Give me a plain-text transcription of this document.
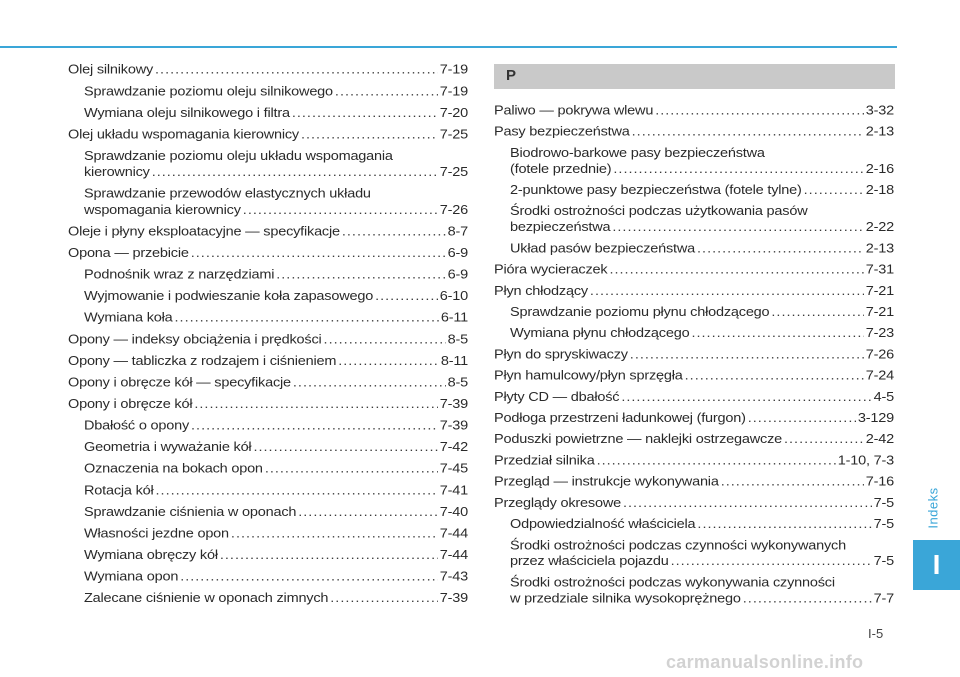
Olej silnikowy .....	7-19
Sprawdzanie poziomu oleju silnikowego .....	7-19
Wymiana oleju silnikowego i filtra .....	7-20
Olej układu wspomagania kierownicy .....	7-25
Sprawdzanie poziomu oleju układu wspomagania
kierownicy .....	7-25
Sprawdzanie przewodów elastycznych układu
wspomagania kierownicy .....	7-26
Oleje i płyny eksploatacyjne — specyfikacje .....	8-7
Opona — przebicie .....	6-9
Podnośnik wraz z narzędziami .....	6-9
Wyjmowanie i podwieszanie koła zapasowego .....	6-10
Wymiana koła .....	6-11
Opony — indeksy obciążenia i prędkości .....	8-5
Opony — tabliczka z rodzajem i ciśnieniem .....	8-11
Opony i obręcze kół — specyfikacje .....	8-5
Opony i obręcze kół .....	7-39
Dbałość o opony .....	7-39
Geometria i wyważanie kół .....	7-42
Oznaczenia na bokach opon .....	7-45
Rotacja kół .....	7-41
Sprawdzanie ciśnienia w oponach .....	7-40
Własności jezdne opon .....	7-44
Wymiana obręczy kół .....	7-44
Wymiana opon .....	7-43
Zalecane ciśnienie w oponach zimnych .....	7-39
P
Paliwo — pokrywa wlewu .....	3-32
Pasy bezpieczeństwa .....	2-13
Biodrowo-barkowe pasy bezpieczeństwa
(fotele przednie) .....	2-16
2-punktowe pasy bezpieczeństwa (fotele tylne) .....	2-18
Środki ostrożności podczas użytkowania pasów
bezpieczeństwa .....	2-22
Układ pasów bezpieczeństwa .....	2-13
Pióra wycieraczek .....	7-31
Płyn chłodzący .....	7-21
Sprawdzanie poziomu płynu chłodzącego .....	7-21
Wymiana płynu chłodzącego .....	7-23
Płyn do spryskiwaczy .....	7-26
Płyn hamulcowy/płyn sprzęgła .....	7-24
Płyty CD — dbałość .....	4-5
Podłoga przestrzeni ładunkowej (furgon) .....	3-129
Poduszki powietrzne — naklejki ostrzegawcze .....	2-42
Przedział silnika .....	1-10, 7-3
Przegląd — instrukcje wykonywania .....	7-16
Przeglądy okresowe .....	7-5
Odpowiedzialność właściciela .....	7-5
Środki ostrożności podczas czynności wykonywanych
przez właściciela pojazdu .....	7-5
Środki ostrożności podczas wykonywania czynności
w przedziale silnika wysokoprężnego .....	7-7
Indeks
I
I-5
carmanualsonline.info
